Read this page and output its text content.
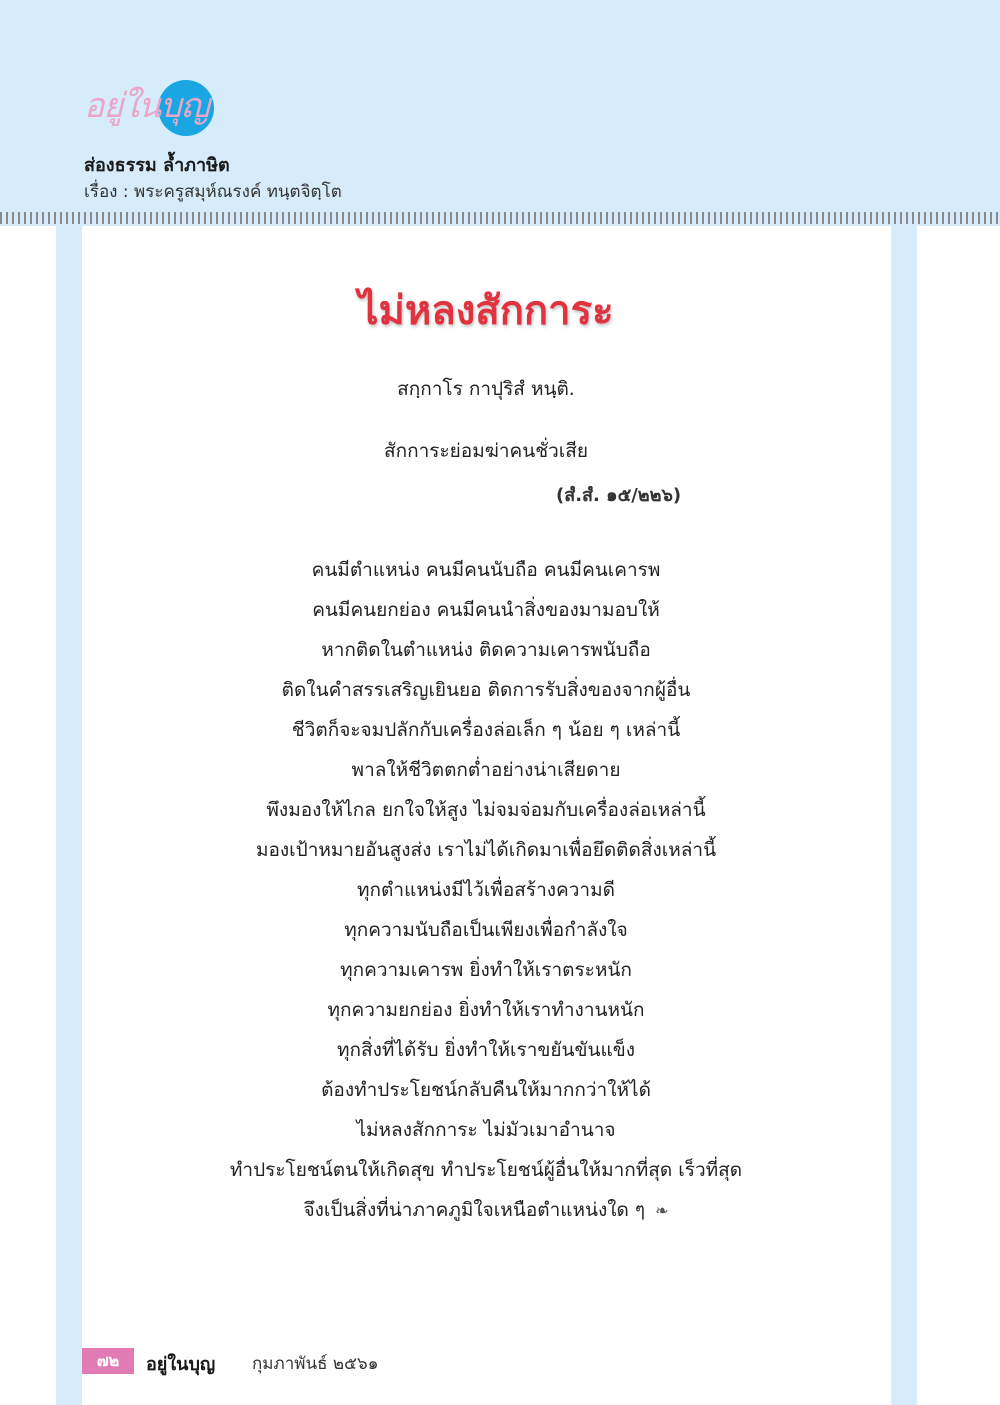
อยู่ในบุญ
ส่องธรรม ล้ำภาษิต
เรื่อง : พระครูสมุห์ณรงค์ ทนฺตจิตฺโต
ไม่หลงสักการะ
สกฺกาโร กาปุริสํ หนฺติ.
สักการะย่อมฆ่าคนชั่วเสีย
(สํ.สํ. ๑๕/๒๒๖)
คนมีตำแหน่ง คนมีคนนับถือ คนมีคนเคารพ
คนมีคนยกย่อง คนมีคนนำสิ่งของมามอบให้
หากติดในตำแหน่ง ติดความเคารพนับถือ
ติดในคำสรรเสริญเยินยอ ติดการรับสิ่งของจากผู้อื่น
ชีวิตก็จะจมปลักกับเครื่องล่อเล็ก ๆ น้อย ๆ เหล่านี้
พาลให้ชีวิตตกต่ำอย่างน่าเสียดาย
พึงมองให้ไกล ยกใจให้สูง ไม่จมจ่อมกับเครื่องล่อเหล่านี้
มองเป้าหมายอันสูงส่ง เราไม่ได้เกิดมาเพื่อยึดติดสิ่งเหล่านี้
ทุกตำแหน่งมีไว้เพื่อสร้างความดี
ทุกความนับถือเป็นเพียงเพื่อกำลังใจ
ทุกความเคารพ ยิ่งทำให้เราตระหนัก
ทุกความยกย่อง ยิ่งทำให้เราทำงานหนัก
ทุกสิ่งที่ได้รับ ยิ่งทำให้เราขยันขันแข็ง
ต้องทำประโยชน์กลับคืนให้มากกว่าให้ได้
ไม่หลงสักการะ ไม่มัวเมาอำนาจ
ทำประโยชน์ตนให้เกิดสุข ทำประโยชน์ผู้อื่นให้มากที่สุด เร็วที่สุด
จึงเป็นสิ่งที่น่าภาคภูมิใจเหนือตำแหน่งใด ๆ ❧
๗๒	อยู่ในบุญ กุมภาพันธ์ ๒๕๖๑
